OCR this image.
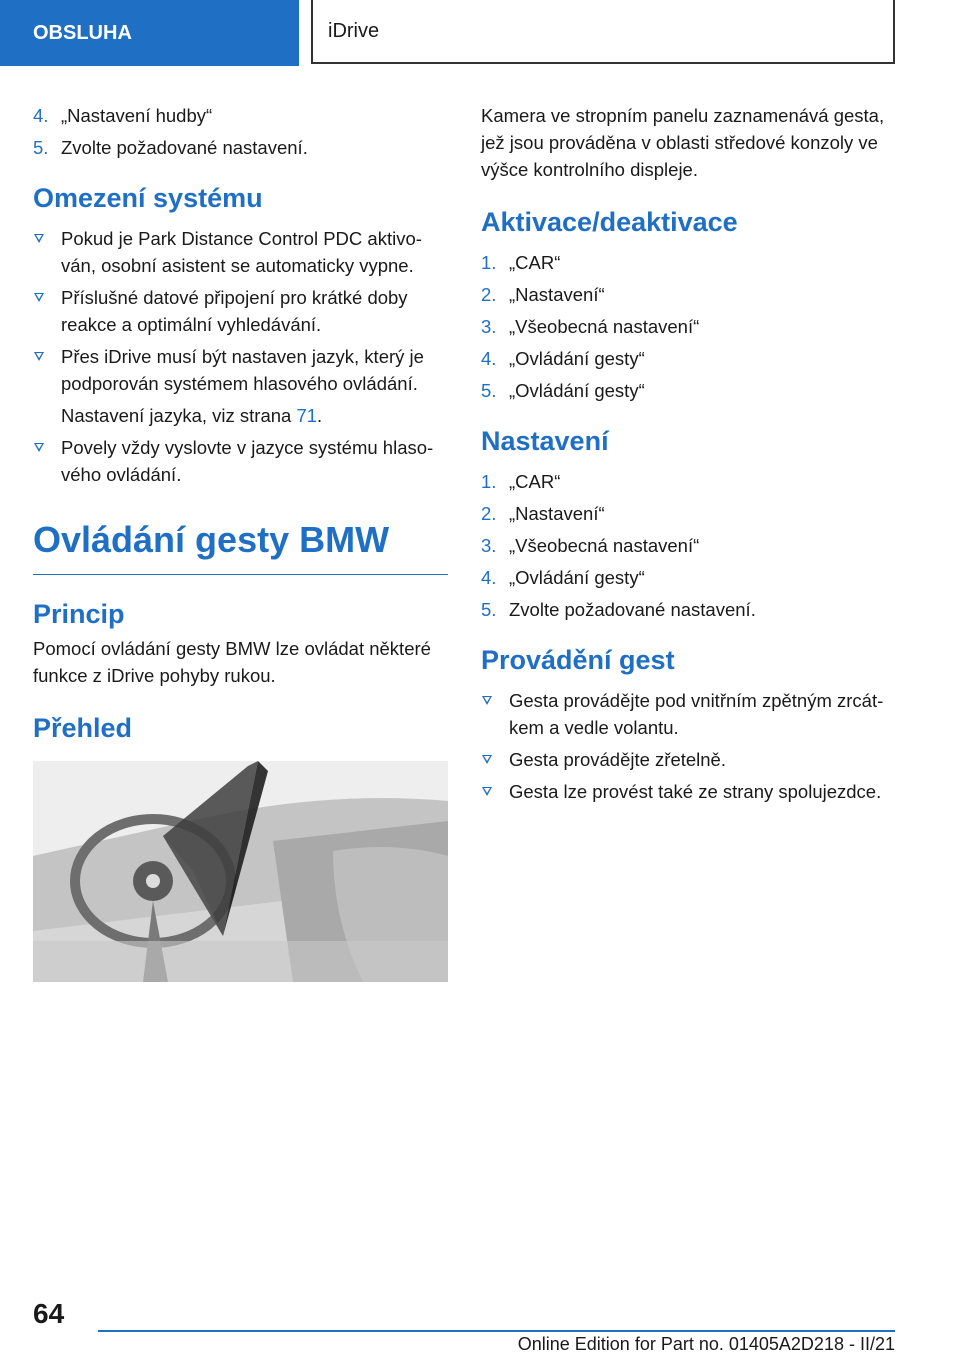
OBSLUHA	iDrive
4. „Nastavení hudby“
5. Zvolte požadované nastavení.
Omezení systému
Pokud je Park Distance Control PDC aktivován, osobní asistent se automaticky vypne.
Příslušné datové připojení pro krátké doby reakce a optimální vyhledávání.
Přes iDrive musí být nastaven jazyk, který je podporován systémem hlasového ovládání.
Nastavení jazyka, viz strana 71.
Povely vždy vyslovte v jazyce systému hlasového ovládání.
Ovládání gesty BMW
Princip

Pomocí ovládání gesty BMW lze ovládat některé funkce z iDrive pohyby rukou.

Přehled

Kamera ve stropním panelu zaznamenává gesta, jež jsou prováděna v oblasti středové konzoly ve výšce kontrolního displeje.

Aktivace/deaktivace
1. „CAR“
2. „Nastavení“
3. „Všeobecná nastavení“
4. „Ovládání gesty“
5. „Ovládání gesty“
Nastavení
1. „CAR“
2. „Nastavení“
3. „Všeobecná nastavení“
4. „Ovládání gesty“
5. Zvolte požadované nastavení.
Provádění gest
Gesta provádějte pod vnitřním zpětným zrcátkem a vedle volantu.
Gesta provádějte zřetelně.
Gesta lze provést také ze strany spolujezdce.
64
Online Edition for Part no. 01405A2D218 - II/21
